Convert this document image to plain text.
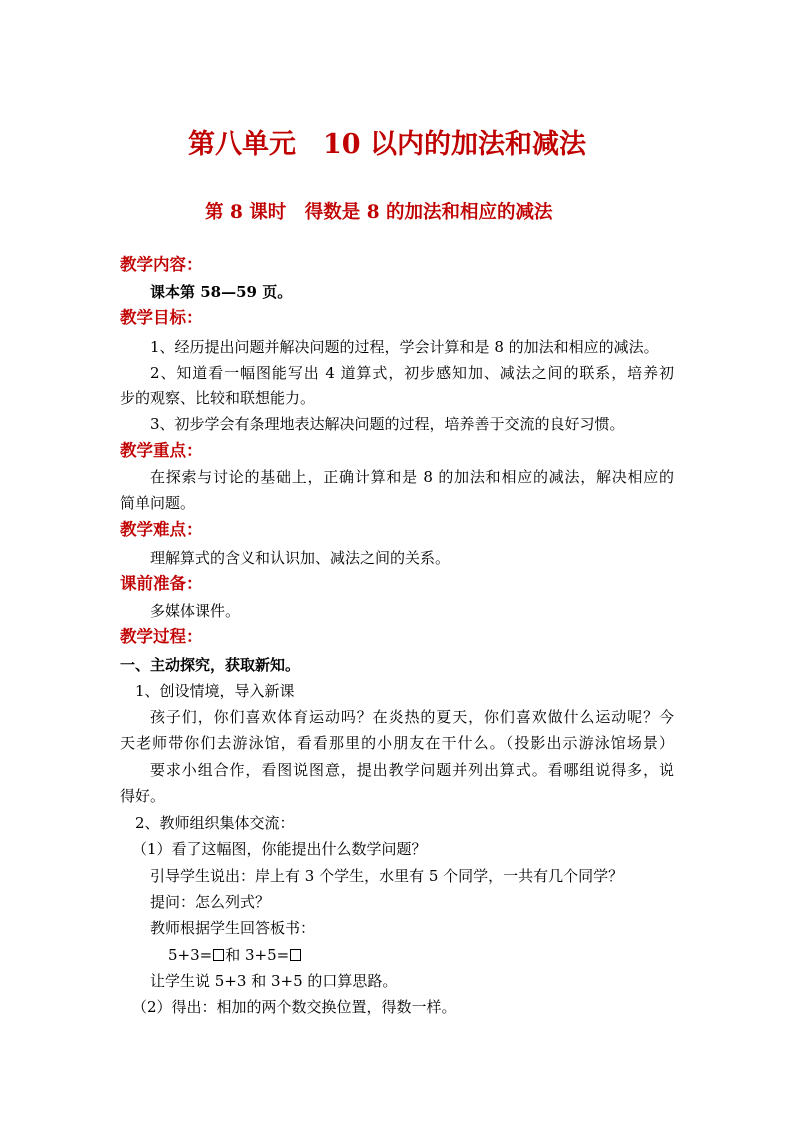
第八单元　10 以内的加法和减法
第 8 课时　得数是 8 的加法和相应的减法
教学内容：
课本第 58—59 页。
教学目标：
1、经历提出问题并解决问题的过程，学会计算和是 8 的加法和相应的减法。
2、知道看一幅图能写出 4 道算式，初步感知加、减法之间的联系，培养初
步的观察、比较和联想能力。
3、初步学会有条理地表达解决问题的过程，培养善于交流的良好习惯。
教学重点：
在探索与讨论的基础上，正确计算和是 8 的加法和相应的减法，解决相应的
简单问题。
教学难点：
理解算式的含义和认识加、减法之间的关系。
课前准备：
多媒体课件。
教学过程：
一、主动探究，获取新知。
1、创设情境，导入新课
孩子们，你们喜欢体育运动吗？在炎热的夏天，你们喜欢做什么运动呢？今
天老师带你们去游泳馆，看看那里的小朋友在干什么。（投影出示游泳馆场景）
要求小组合作，看图说图意，提出教学问题并列出算式。看哪组说得多，说
得好。
2、教师组织集体交流：
（1）看了这幅图，你能提出什么数学问题？
引导学生说出：岸上有 3 个学生，水里有 5 个同学，一共有几个同学？
提问：怎么列式？
教师根据学生回答板书：
5+3= 和 3+5=
让学生说 5+3 和 3+5 的口算思路。
（2）得出：相加的两个数交换位置，得数一样。
